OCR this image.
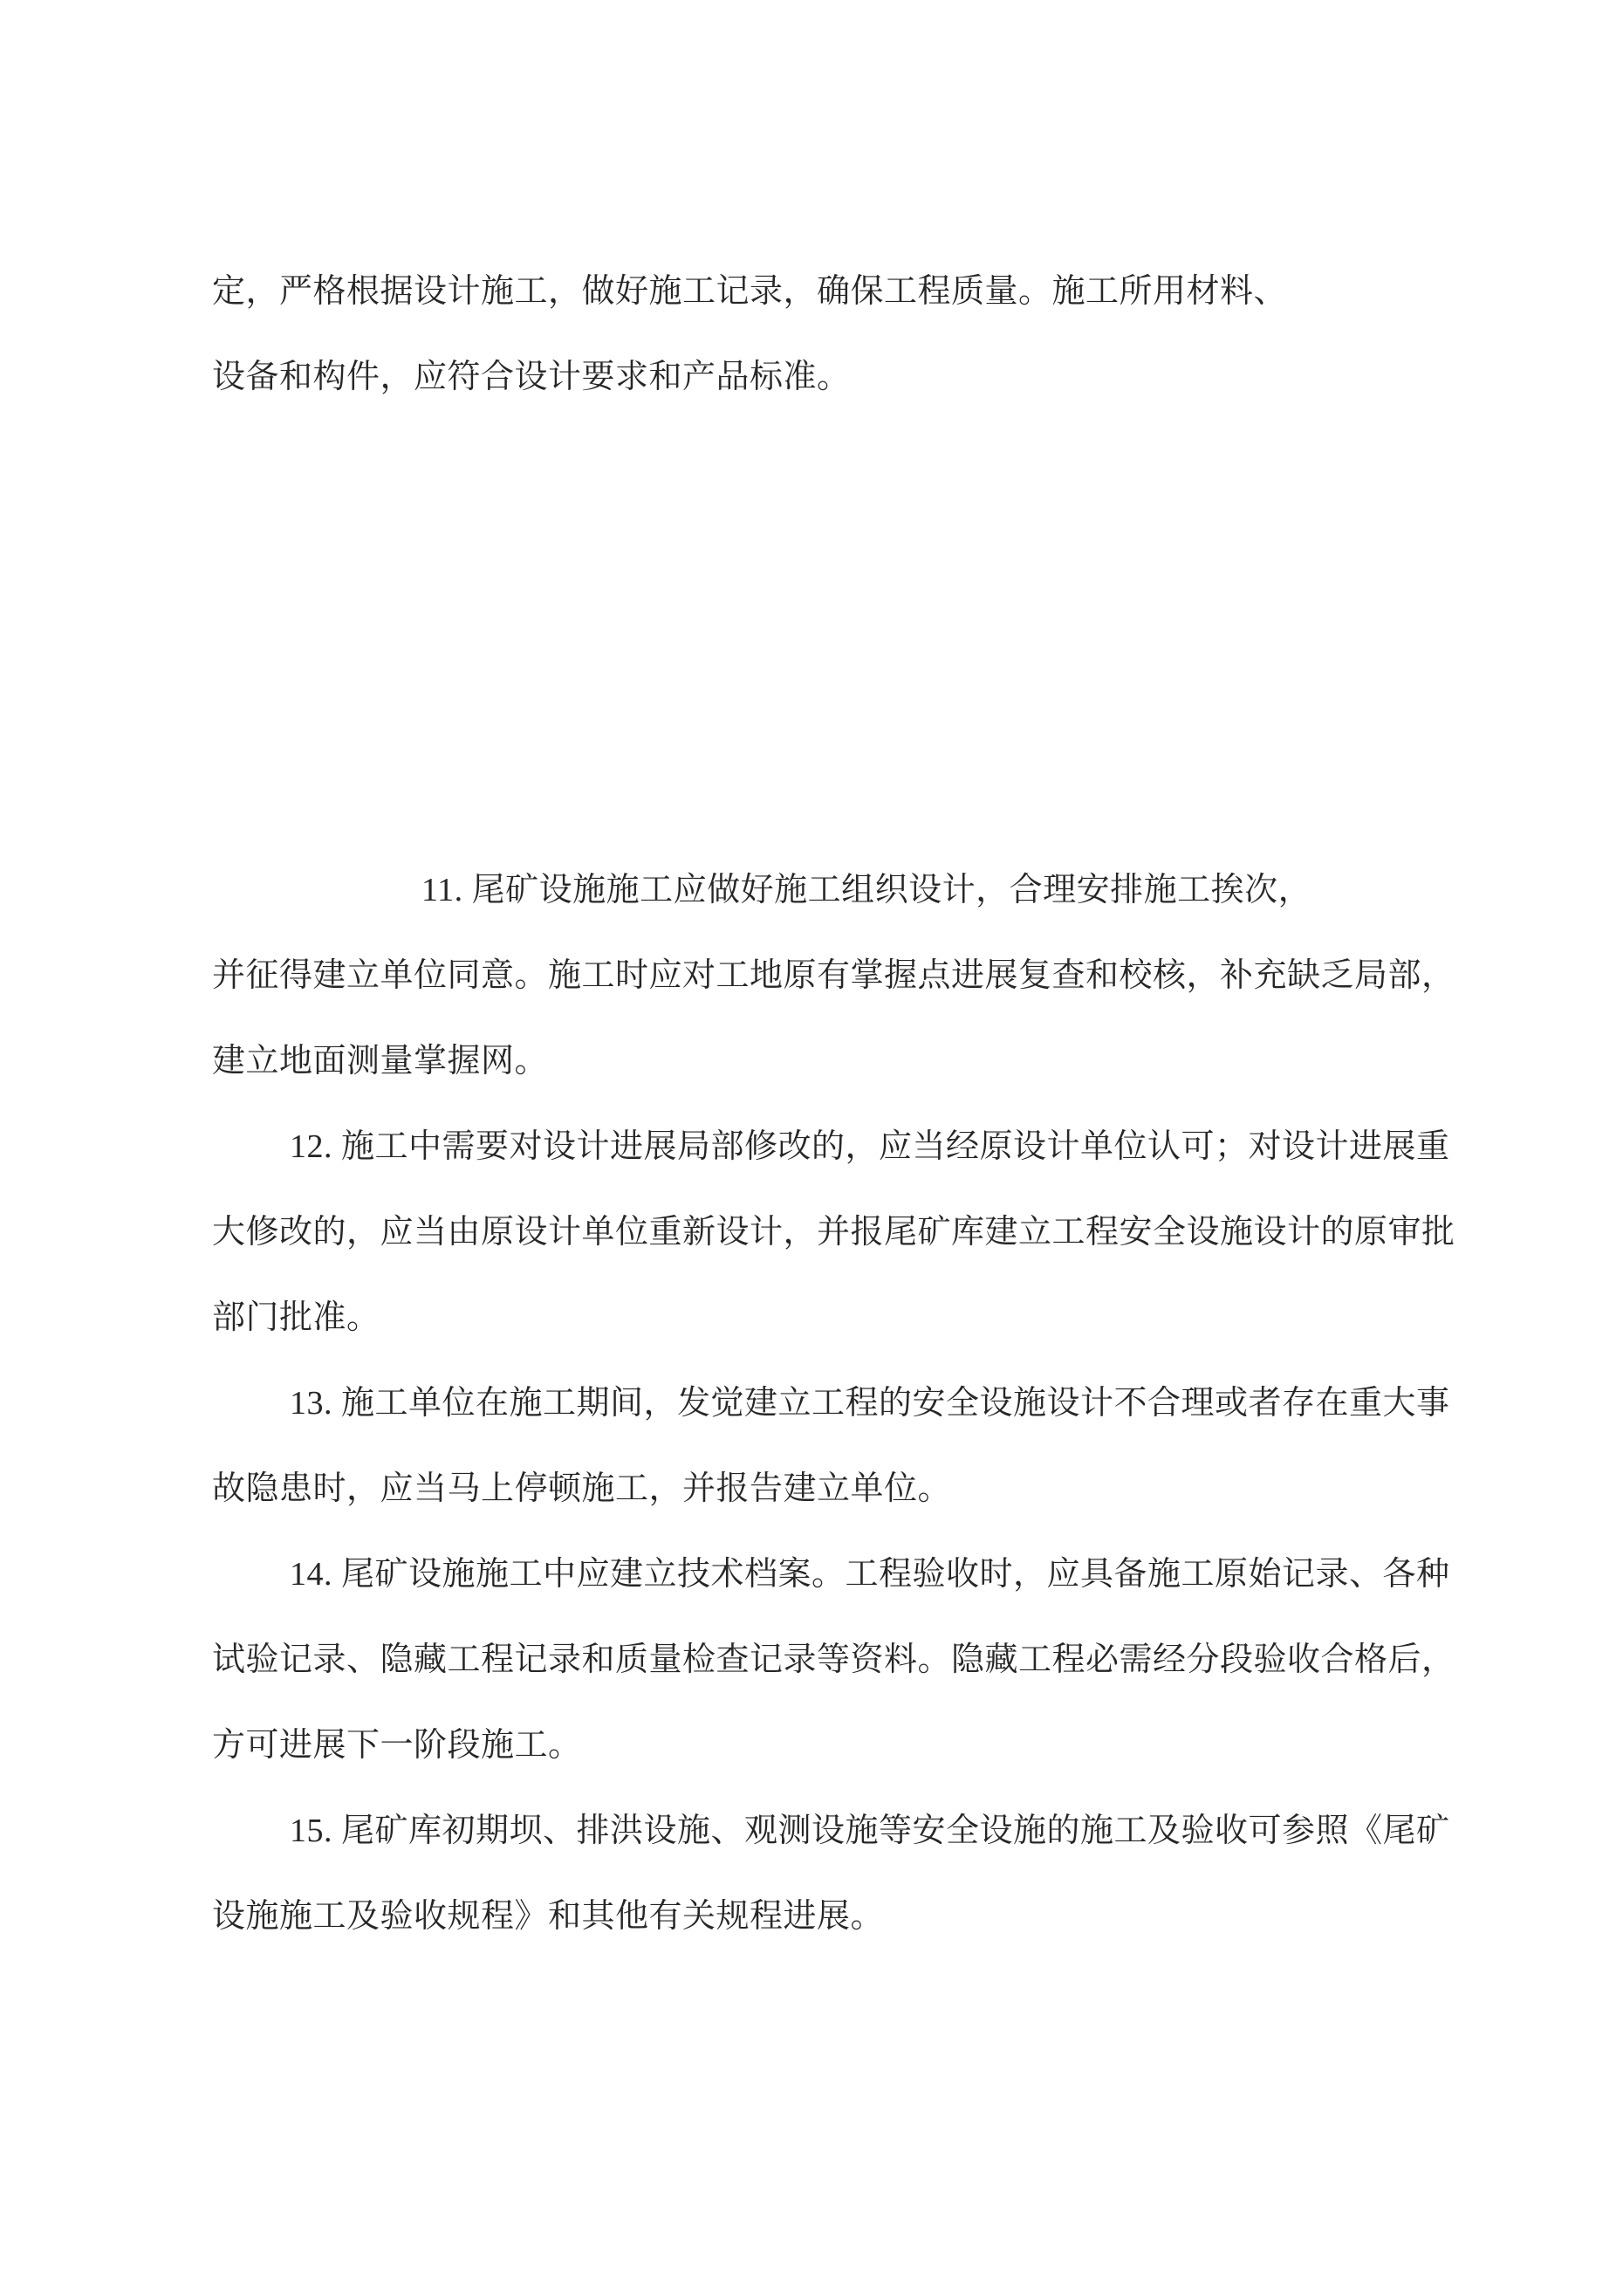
定，严格根据设计施工，做好施工记录，确保工程质量。施工所用材料、
设备和构件，应符合设计要求和产品标准。
11. 尾矿设施施工应做好施工组织设计，合理安排施工挨次，
并征得建立单位同意。施工时应对工地原有掌握点进展复查和校核，补充缺乏局部，
建立地面测量掌握网。
12. 施工中需要对设计进展局部修改的，应当经原设计单位认可；对设计进展重
大修改的，应当由原设计单位重新设计，并报尾矿库建立工程安全设施设计的原审批
部门批准。
13. 施工单位在施工期间，发觉建立工程的安全设施设计不合理或者存在重大事
故隐患时，应当马上停顿施工，并报告建立单位。
14. 尾矿设施施工中应建立技术档案。工程验收时，应具备施工原始记录、各种
试验记录、隐藏工程记录和质量检查记录等资料。隐藏工程必需经分段验收合格后，
方可进展下一阶段施工。
15. 尾矿库初期坝、排洪设施、观测设施等安全设施的施工及验收可参照《尾矿
设施施工及验收规程》和其他有关规程进展。
